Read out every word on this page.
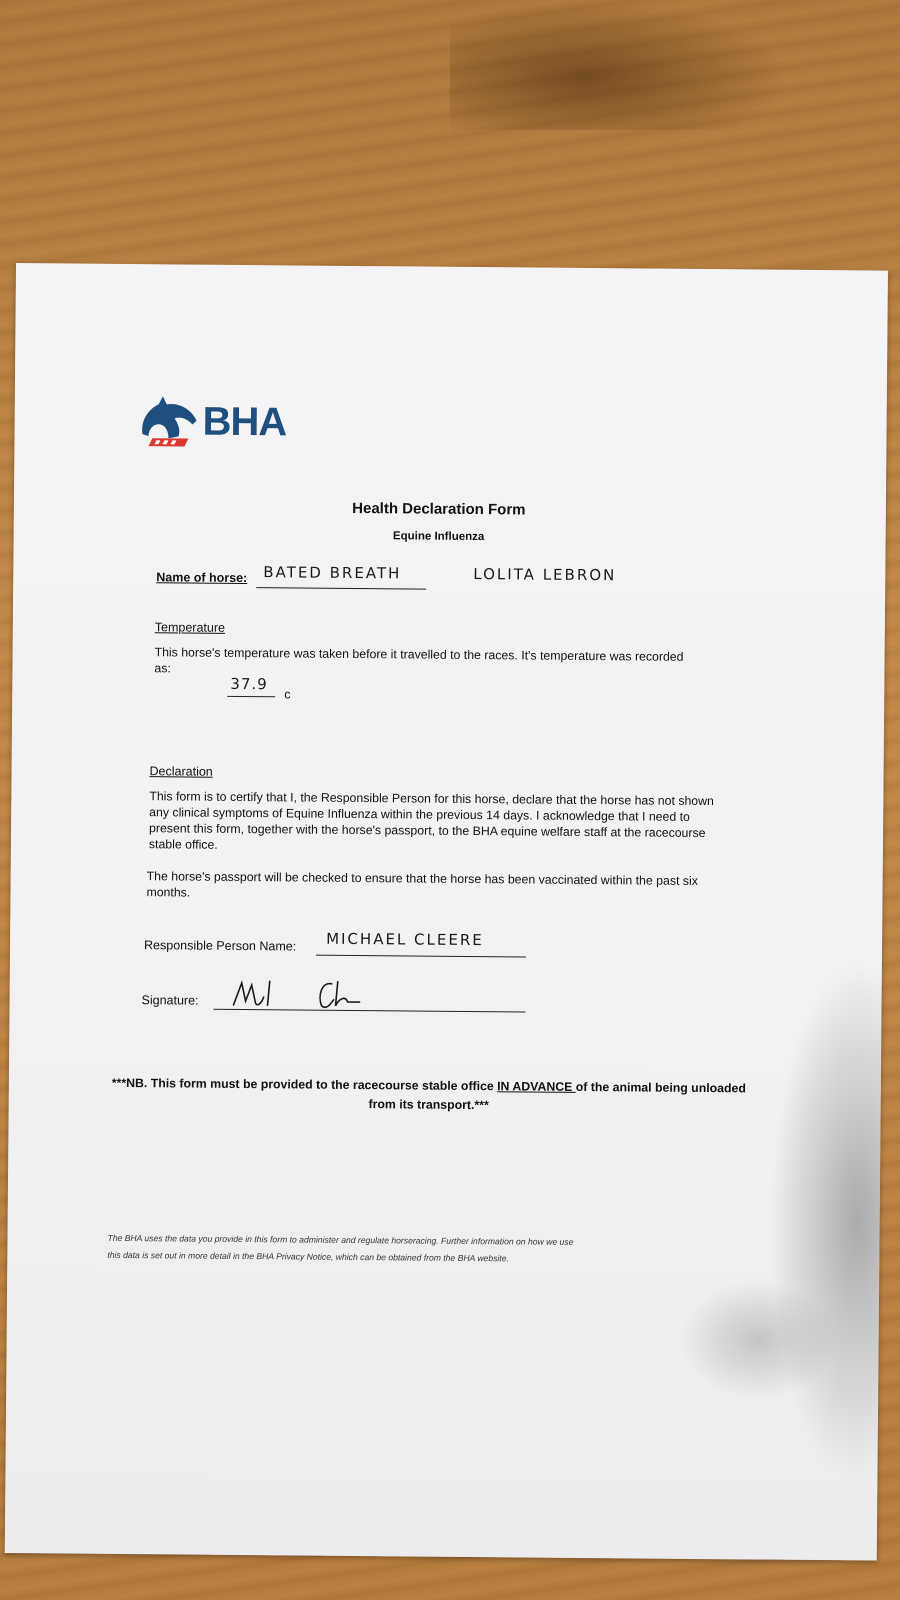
BHA
Health Declaration Form
Equine Influenza
Name of horse: BATED BREATH	LOLITA LEBRON
Temperature
This horse's temperature was taken before it travelled to the races. It's temperature was recorded as:
37.9
c
Declaration
This form is to certify that I, the Responsible Person for this horse, declare that the horse has not shown any clinical symptoms of Equine Influenza within the previous 14 days. I acknowledge that I need to present this form, together with the horse's passport, to the BHA equine welfare staff at the racecourse stable office.
The horse's passport will be checked to ensure that the horse has been vaccinated within the past six months.
Responsible Person Name: MICHAEL CLEERE
Signature:
***NB. This form must be provided to the racecourse stable office IN ADVANCE of the animal being unloaded from its transport.***
The BHA uses the data you provide in this form to administer and regulate horseracing. Further information on how we use
this data is set out in more detail in the BHA Privacy Notice, which can be obtained from the BHA website.
